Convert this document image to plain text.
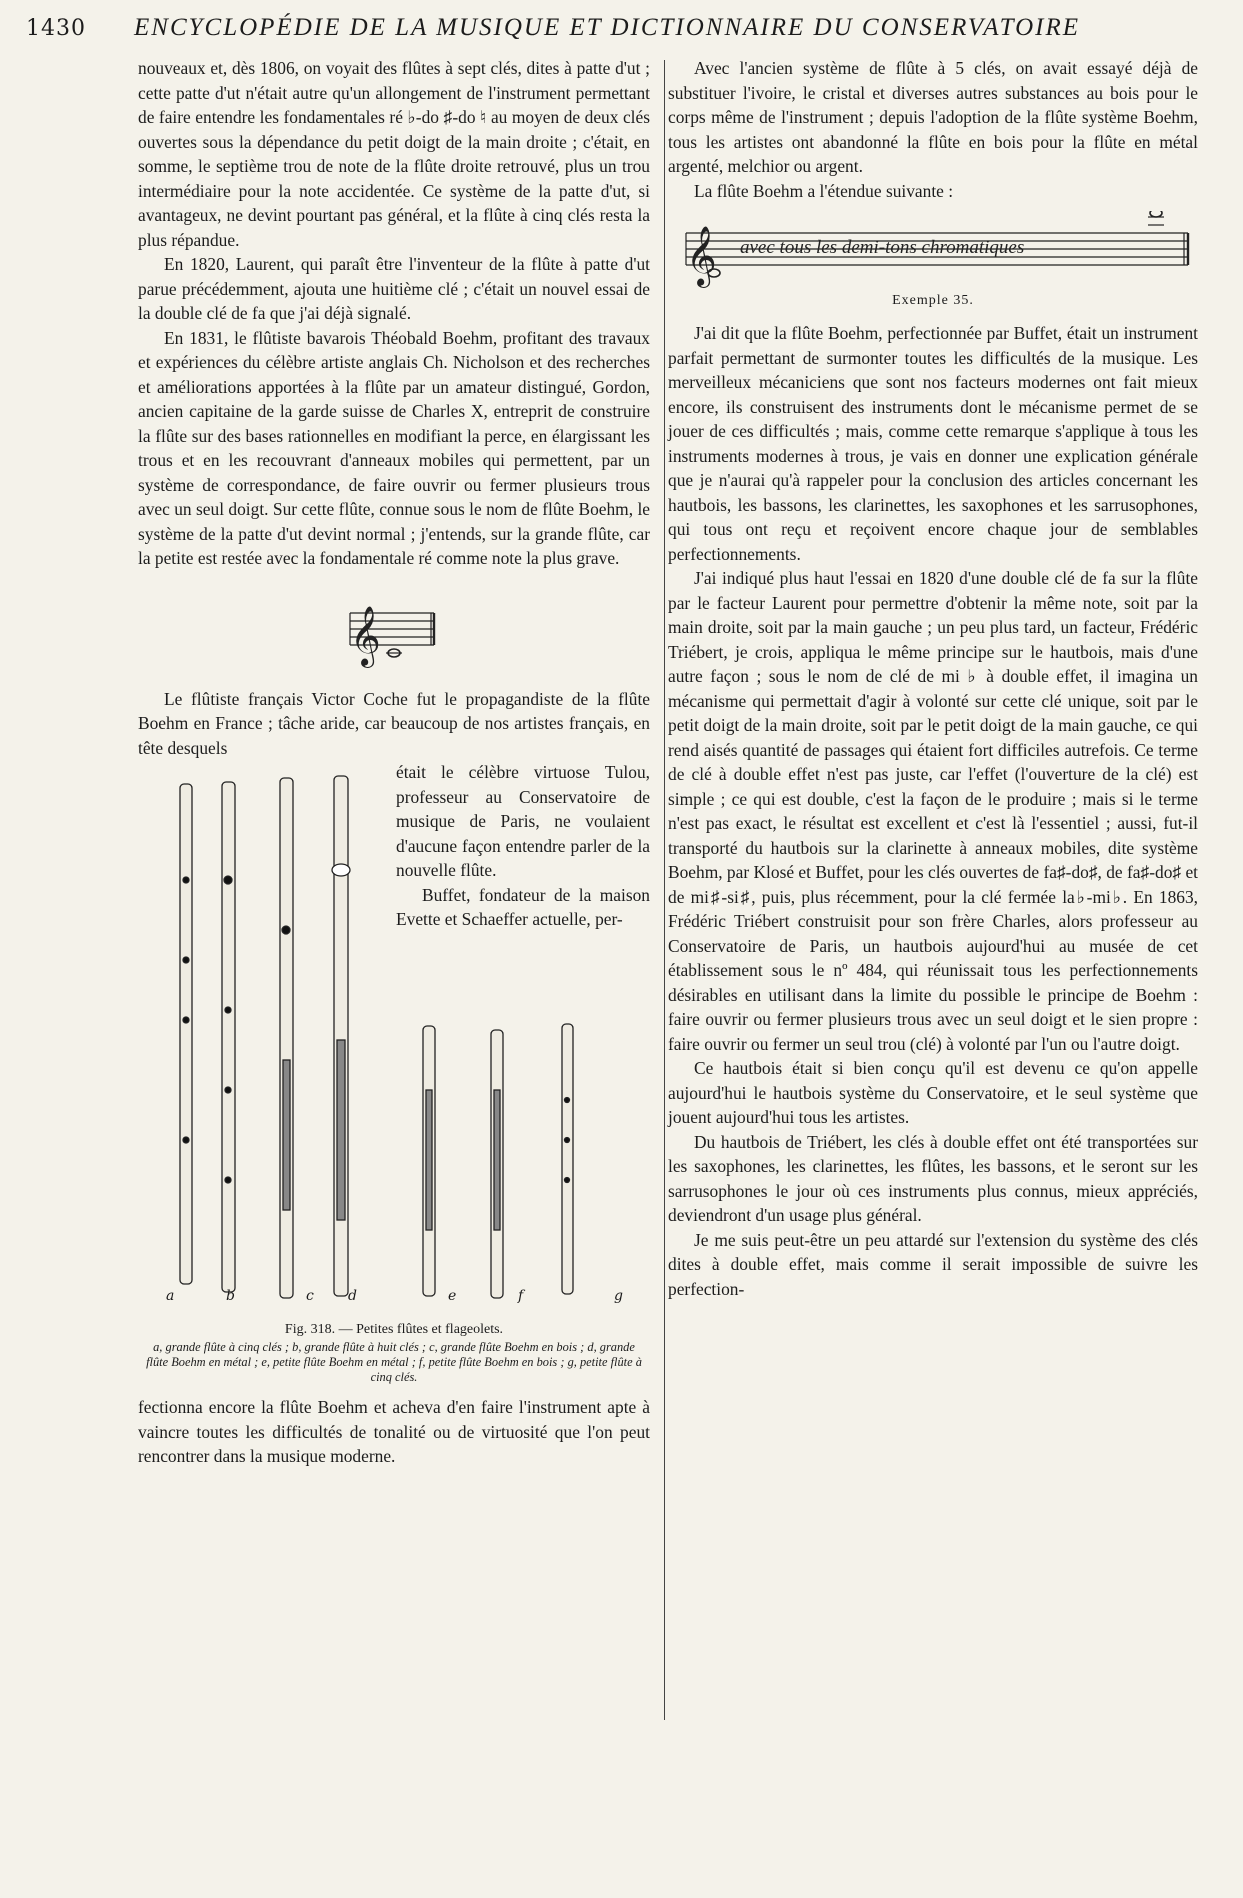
1430 ENCYCLOPÉDIE DE LA MUSIQUE ET DICTIONNAIRE DU CONSERVATOIRE

nouveaux et, dès 1806, on voyait des flûtes à sept clés, dites à patte d'ut ; cette patte d'ut n'était autre qu'un allongement de l'instrument permettant de faire entendre les fondamentales ré ♭-do ♯-do ♮ au moyen de deux clés ouvertes sous la dépendance du petit doigt de la main droite ; c'était, en somme, le septième trou de note de la flûte droite retrouvé, plus un trou intermédiaire pour la note accidentée. Ce système de la patte d'ut, si avantageux, ne devint pourtant pas général, et la flûte à cinq clés resta la plus répandue.

En 1820, Laurent, qui paraît être l'inventeur de la flûte à patte d'ut parue précédemment, ajouta une huitième clé ; c'était un nouvel essai de la double clé de fa que j'ai déjà signalé.

En 1831, le flûtiste bavarois Théobald Boehm, profitant des travaux et expériences du célèbre artiste anglais Ch. Nicholson et des recherches et améliorations apportées à la flûte par un amateur distingué, Gordon, ancien capitaine de la garde suisse de Charles X, entreprit de construire la flûte sur des bases rationnelles en modifiant la perce, en élargissant les trous et en les recouvrant d'anneaux mobiles qui permettent, par un système de correspondance, de faire ouvrir ou fermer plusieurs trous avec un seul doigt. Sur cette flûte, connue sous le nom de flûte Boehm, le système de la patte d'ut devint normal ; j'entends, sur la grande flûte, car la petite est restée avec la fondamentale ré comme note la plus grave.

𝄞

Le flûtiste français Victor Coche fut le propagandiste de la flûte Boehm en France ; tâche aride, car beaucoup de nos artistes français, en tête desquels

était le célèbre virtuose Tulou, professeur au Conservatoire de musique de Paris, ne voulaient d'aucune façon entendre parler de la nouvelle flûte.

Buffet, fondateur de la maison Evette et Schaeffer actuelle, per-

a	b	c d	e	f	g
Fig. 318. — Petites flûtes et flageolets.
a, grande flûte à cinq clés ; b, grande flûte à huit clés ; c, grande flûte Boehm en bois ; d, grande flûte Boehm en métal ; e, petite flûte Boehm en métal ; f, petite flûte Boehm en bois ; g, petite flûte à cinq clés.

fectionna encore la flûte Boehm et acheva d'en faire l'instrument apte à vaincre toutes les difficultés de tonalité ou de virtuosité que l'on peut rencontrer dans la musique moderne.

Avec l'ancien système de flûte à 5 clés, on avait essayé déjà de substituer l'ivoire, le cristal et diverses autres substances au bois pour le corps même de l'instrument ; depuis l'adoption de la flûte système Boehm, tous les artistes ont abandonné la flûte en bois pour la flûte en métal argenté, melchior ou argent.

La flûte Boehm a l'étendue suivante :

𝄞 avec tous les demi-tons chromatiques
Exemple 35.

J'ai dit que la flûte Boehm, perfectionnée par Buffet, était un instrument parfait permettant de surmonter toutes les difficultés de la musique. Les merveilleux mécaniciens que sont nos facteurs modernes ont fait mieux encore, ils construisent des instruments dont le mécanisme permet de se jouer de ces difficultés ; mais, comme cette remarque s'applique à tous les instruments modernes à trous, je vais en donner une explication générale que je n'aurai qu'à rappeler pour la conclusion des articles concernant les hautbois, les bassons, les clarinettes, les saxophones et les sarrusophones, qui tous ont reçu et reçoivent encore chaque jour de semblables perfectionnements.

J'ai indiqué plus haut l'essai en 1820 d'une double clé de fa sur la flûte par le facteur Laurent pour permettre d'obtenir la même note, soit par la main droite, soit par la main gauche ; un peu plus tard, un facteur, Frédéric Triébert, je crois, appliqua le même principe sur le hautbois, mais d'une autre façon ; sous le nom de clé de mi ♭ à double effet, il imagina un mécanisme qui permettait d'agir à volonté sur cette clé unique, soit par le petit doigt de la main droite, soit par le petit doigt de la main gauche, ce qui rend aisés quantité de passages qui étaient fort difficiles autrefois. Ce terme de clé à double effet n'est pas juste, car l'effet (l'ouverture de la clé) est simple ; ce qui est double, c'est la façon de le produire ; mais si le terme n'est pas exact, le résultat est excellent et c'est là l'essentiel ; aussi, fut-il transporté du hautbois sur la clarinette à anneaux mobiles, dite système Boehm, par Klosé et Buffet, pour les clés ouvertes de fa♯-do♯, de fa♯-do♯ et de mi♯-si♯, puis, plus récemment, pour la clé fermée la♭-mi♭. En 1863, Frédéric Triébert construisit pour son frère Charles, alors professeur au Conservatoire de Paris, un hautbois aujourd'hui au musée de cet établissement sous le nº 484, qui réunissait tous les perfectionnements désirables en utilisant dans la limite du possible le principe de Boehm : faire ouvrir ou fermer plusieurs trous avec un seul doigt et le sien propre : faire ouvrir ou fermer un seul trou (clé) à volonté par l'un ou l'autre doigt.

Ce hautbois était si bien conçu qu'il est devenu ce qu'on appelle aujourd'hui le hautbois système du Conservatoire, et le seul système que jouent aujourd'hui tous les artistes.

Du hautbois de Triébert, les clés à double effet ont été transportées sur les saxophones, les clarinettes, les flûtes, les bassons, et le seront sur les sarrusophones le jour où ces instruments plus connus, mieux appréciés, deviendront d'un usage plus général.

Je me suis peut-être un peu attardé sur l'extension du système des clés dites à double effet, mais comme il serait impossible de suivre les perfection-
